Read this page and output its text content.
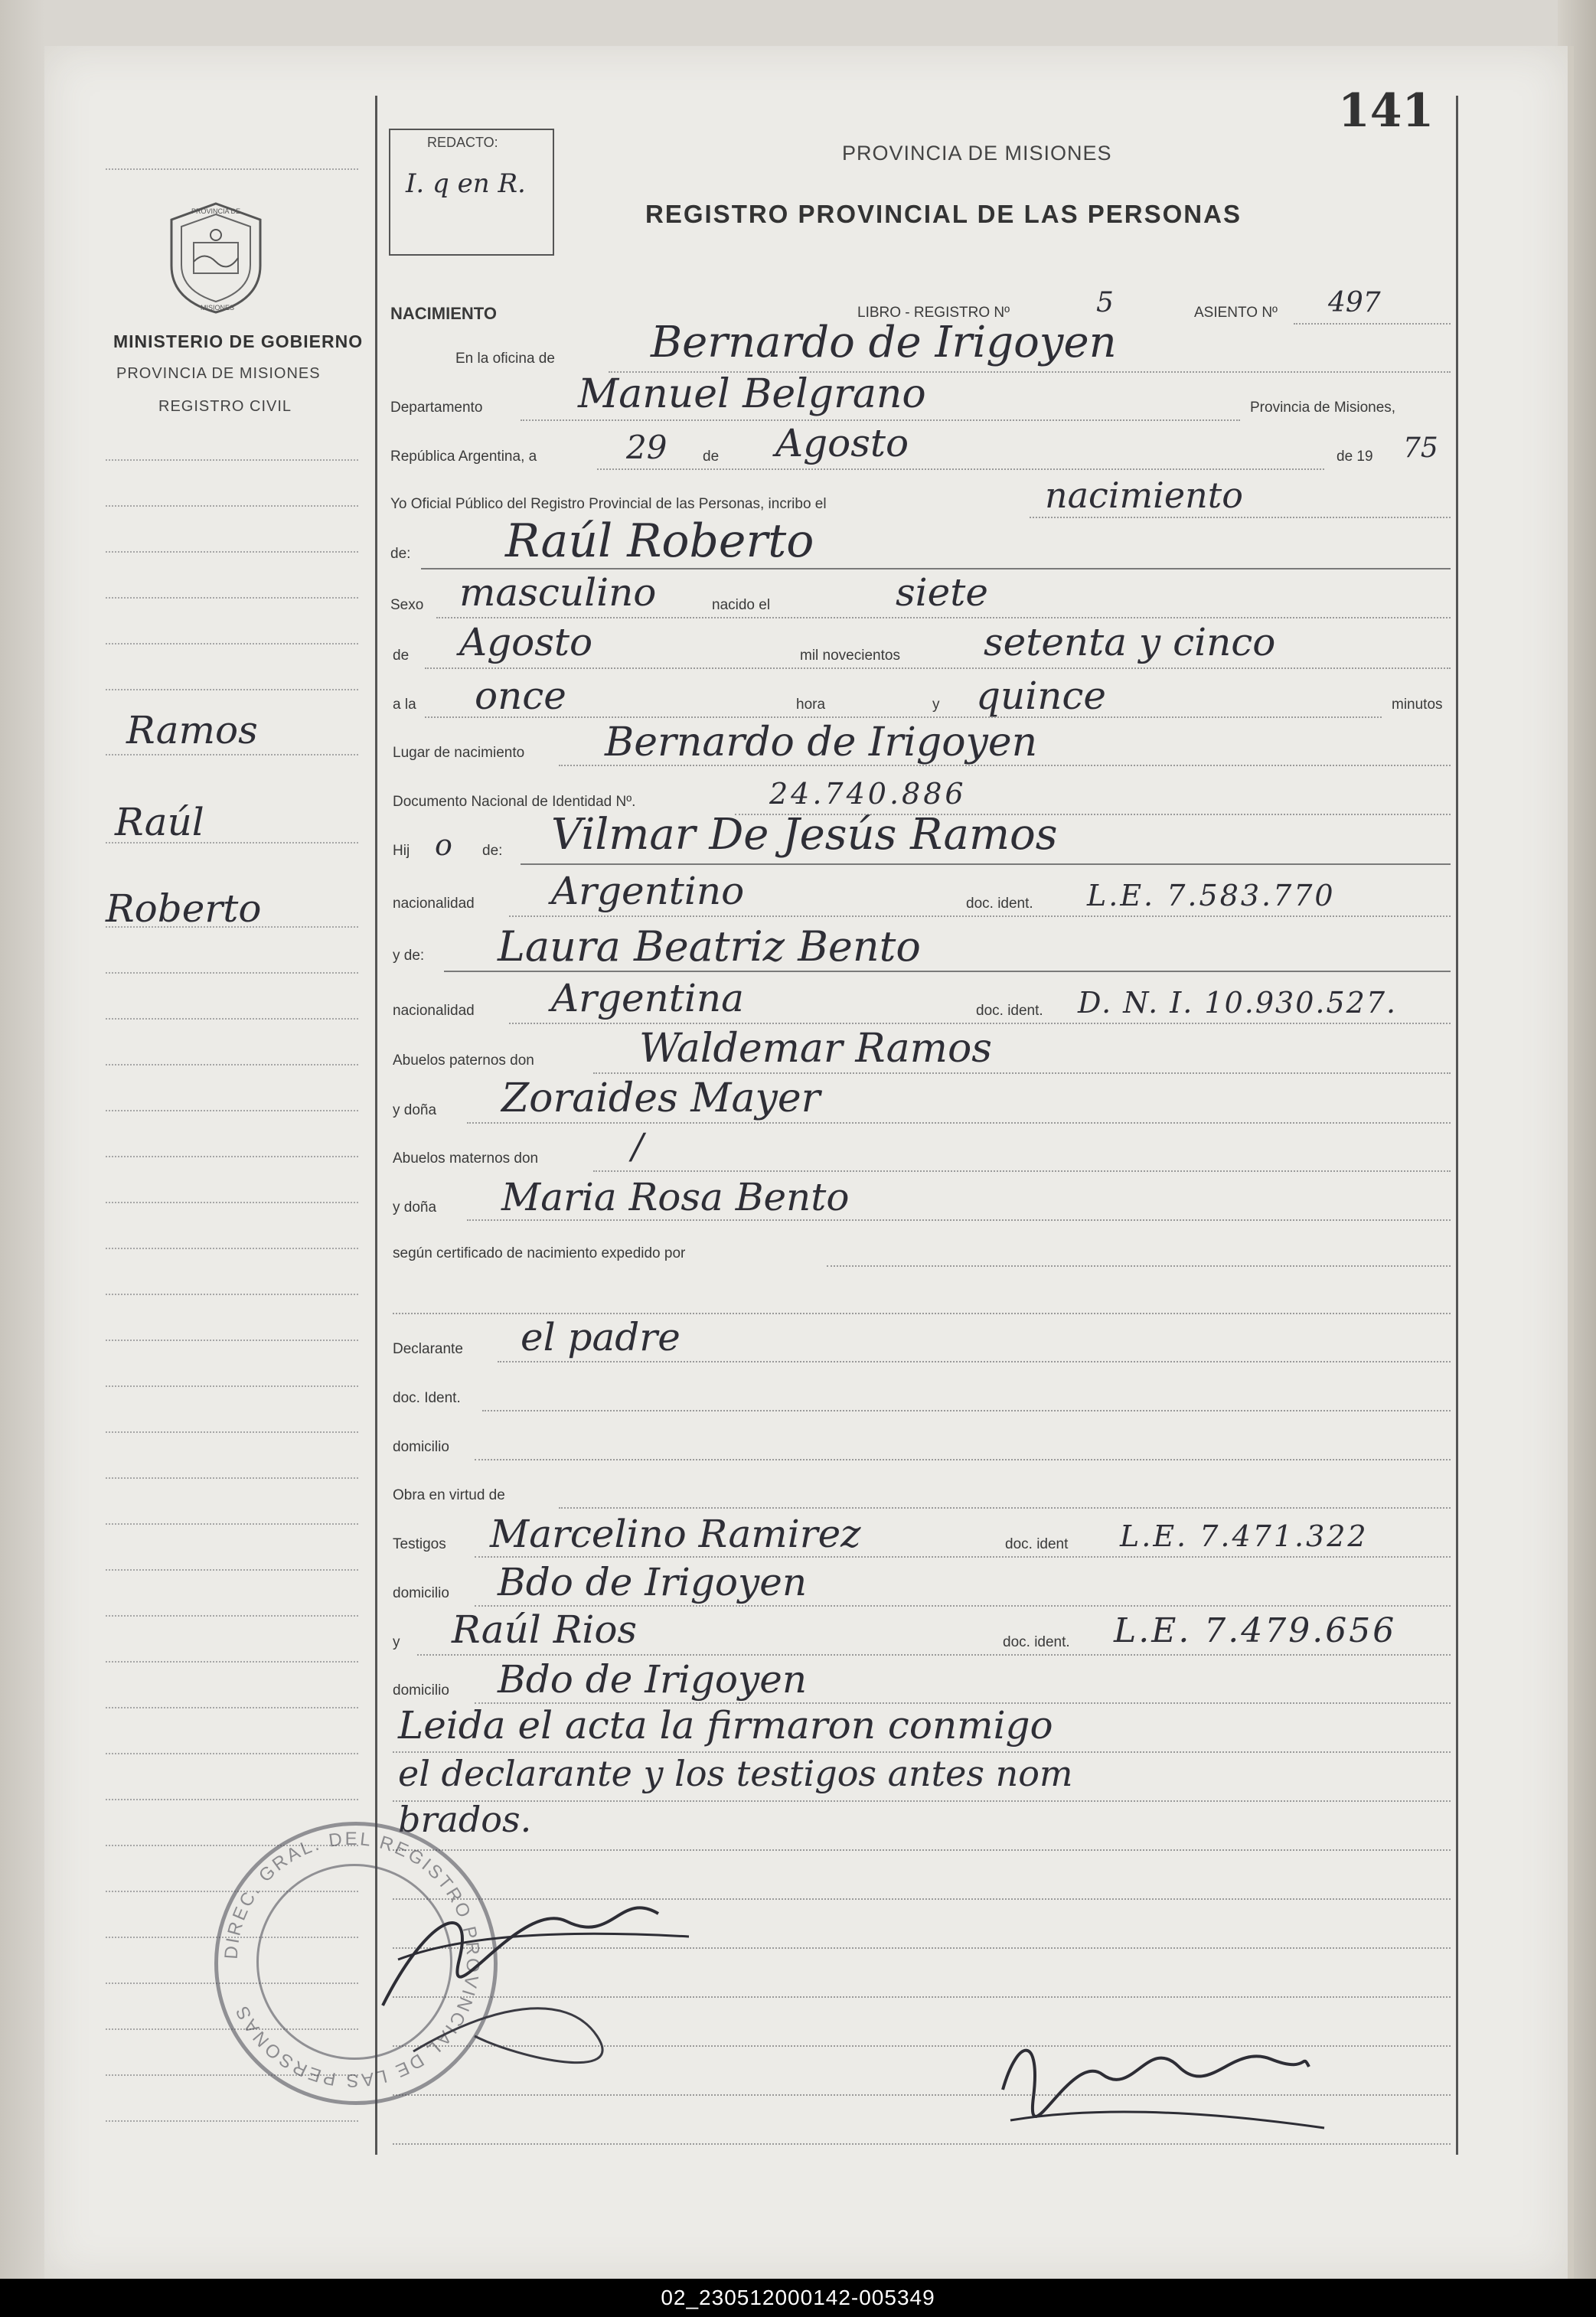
PROVINCIA DE
MISIONES
MINISTERIO DE GOBIERNO
PROVINCIA DE MISIONES
REGISTRO CIVIL
REDACTO:
I. q en R.
141
PROVINCIA DE MISIONES
REGISTRO PROVINCIAL DE LAS PERSONAS
NACIMIENTO	LIBRO - REGISTRO Nº	5	ASIENTO Nº 497
En la oficina de Bernardo de Irigoyen
Departamento Manuel Belgrano	Provincia de Misiones,
República Argentina, a	29 de Agosto	de 19 75
Yo Oficial Público del Registro Provincial de las Personas, incribo el	nacimiento
de: Raúl Roberto
Sexo masculino	nacido el	siete
de Agosto	mil novecientos setenta y cinco
a la once	hora	y quince	minutos
Lugar de nacimiento Bernardo de Irigoyen
Documento Nacional de Identidad Nº.	24.740.886
Hij o de: Vilmar De Jesús Ramos
nacionalidad Argentino	doc. ident. L.E. 7.583.770
y de: Laura Beatriz Bento
nacionalidad Argentina	doc. ident. D. N. I. 10.930.527.
Abuelos paternos don	Waldemar Ramos
y doña Zoraides Mayer
Abuelos maternos don	/
y doña Maria Rosa Bento
según certificado de nacimiento expedido por
Declarante el padre
doc. Ident.
domicilio
Obra en virtud de
Testigos Marcelino Ramirez	doc. ident L.E. 7.471.322
domicilio Bdo de Irigoyen
y Raúl Rios	doc. ident. L.E. 7.479.656
domicilio Bdo de Irigoyen
Leida el acta la firmaron conmigo
el declarante y los testigos antes nom
brados.
Ramos
Raúl
Roberto
DIREC. GRAL. DEL REGISTRO PROVINCIAL DE LAS PERSONAS
02_230512000142-005349
